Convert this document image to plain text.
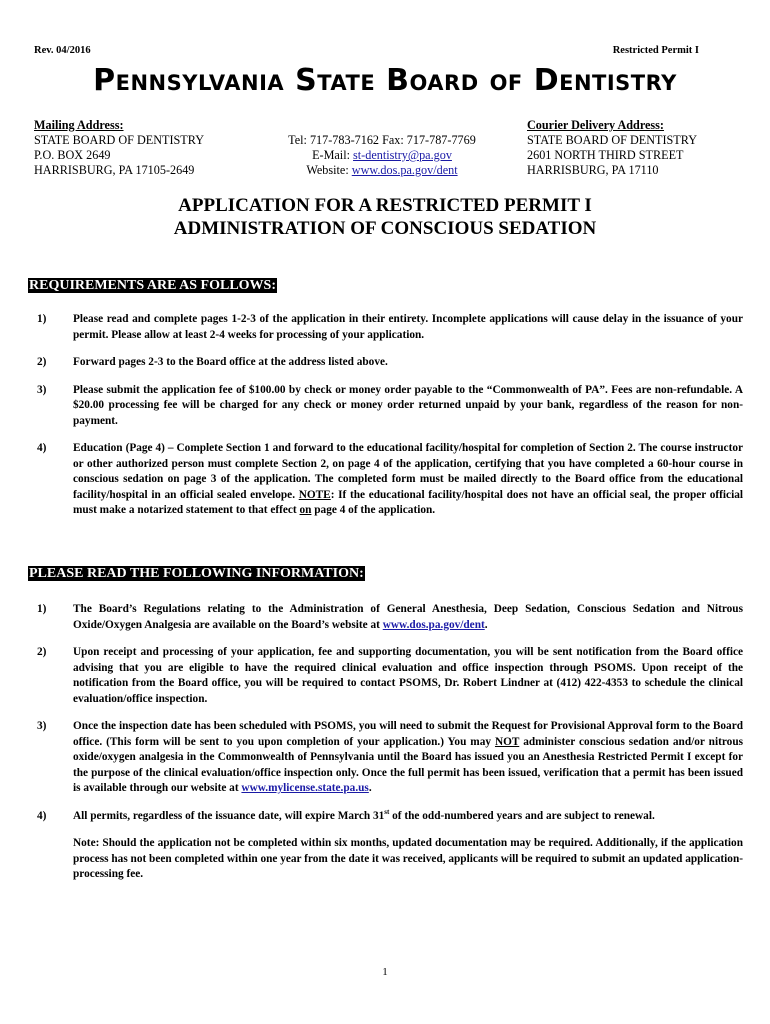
Rev. 04/2016	Restricted Permit I
Pennsylvania State Board of Dentistry
Mailing Address:
STATE BOARD OF DENTISTRY
P.O. BOX 2649
HARRISBURG, PA 17105-2649
Tel: 717-783-7162 Fax: 717-787-7769
E-Mail: st-dentistry@pa.gov
Website: www.dos.pa.gov/dent
Courier Delivery Address:
STATE BOARD OF DENTISTRY
2601 NORTH THIRD STREET
HARRISBURG, PA 17110
APPLICATION FOR A RESTRICTED PERMIT I
ADMINISTRATION OF CONSCIOUS SEDATION
REQUIREMENTS ARE AS FOLLOWS:

1) Please read and complete pages 1-2-3 of the application in their entirety. Incomplete applications will cause delay in the issuance of your permit. Please allow at least 2-4 weeks for processing of your application.

2) Forward pages 2-3 to the Board office at the address listed above.

3) Please submit the application fee of $100.00 by check or money order payable to the “Commonwealth of PA”. Fees are non-refundable. A $20.00 processing fee will be charged for any check or money order returned unpaid by your bank, regardless of the reason for non-payment.

4) Education (Page 4) – Complete Section 1 and forward to the educational facility/hospital for completion of Section 2. The course instructor or other authorized person must complete Section 2, on page 4 of the application, certifying that you have completed a 60-hour course in conscious sedation on page 3 of the application. The completed form must be mailed directly to the Board office from the educational facility/hospital in an official sealed envelope. NOTE: If the educational facility/hospital does not have an official seal, the proper official must make a notarized statement to that effect on page 4 of the application.

PLEASE READ THE FOLLOWING INFORMATION:

1) The Board’s Regulations relating to the Administration of General Anesthesia, Deep Sedation, Conscious Sedation and Nitrous Oxide/Oxygen Analgesia are available on the Board’s website at www.dos.pa.gov/dent.

2) Upon receipt and processing of your application, fee and supporting documentation, you will be sent notification from the Board office advising that you are eligible to have the required clinical evaluation and office inspection through PSOMS. Upon receipt of the notification from the Board office, you will be required to contact PSOMS, Dr. Robert Lindner at (412) 422-4353 to schedule the clinical evaluation/office inspection.

3) Once the inspection date has been scheduled with PSOMS, you will need to submit the Request for Provisional Approval form to the Board office. (This form will be sent to you upon completion of your application.) You may NOT administer conscious sedation and/or nitrous oxide/oxygen analgesia in the Commonwealth of Pennsylvania until the Board has issued you an Anesthesia Restricted Permit I except for the purpose of the clinical evaluation/office inspection only. Once the full permit has been issued, verification that a permit has been issued is available through our website at www.mylicense.state.pa.us.

4) All permits, regardless of the issuance date, will expire March 31st of the odd-numbered years and are subject to renewal.

Note: Should the application not be completed within six months, updated documentation may be required. Additionally, if the application process has not been completed within one year from the date it was received, applicants will be required to submit an updated application-processing fee.

1
